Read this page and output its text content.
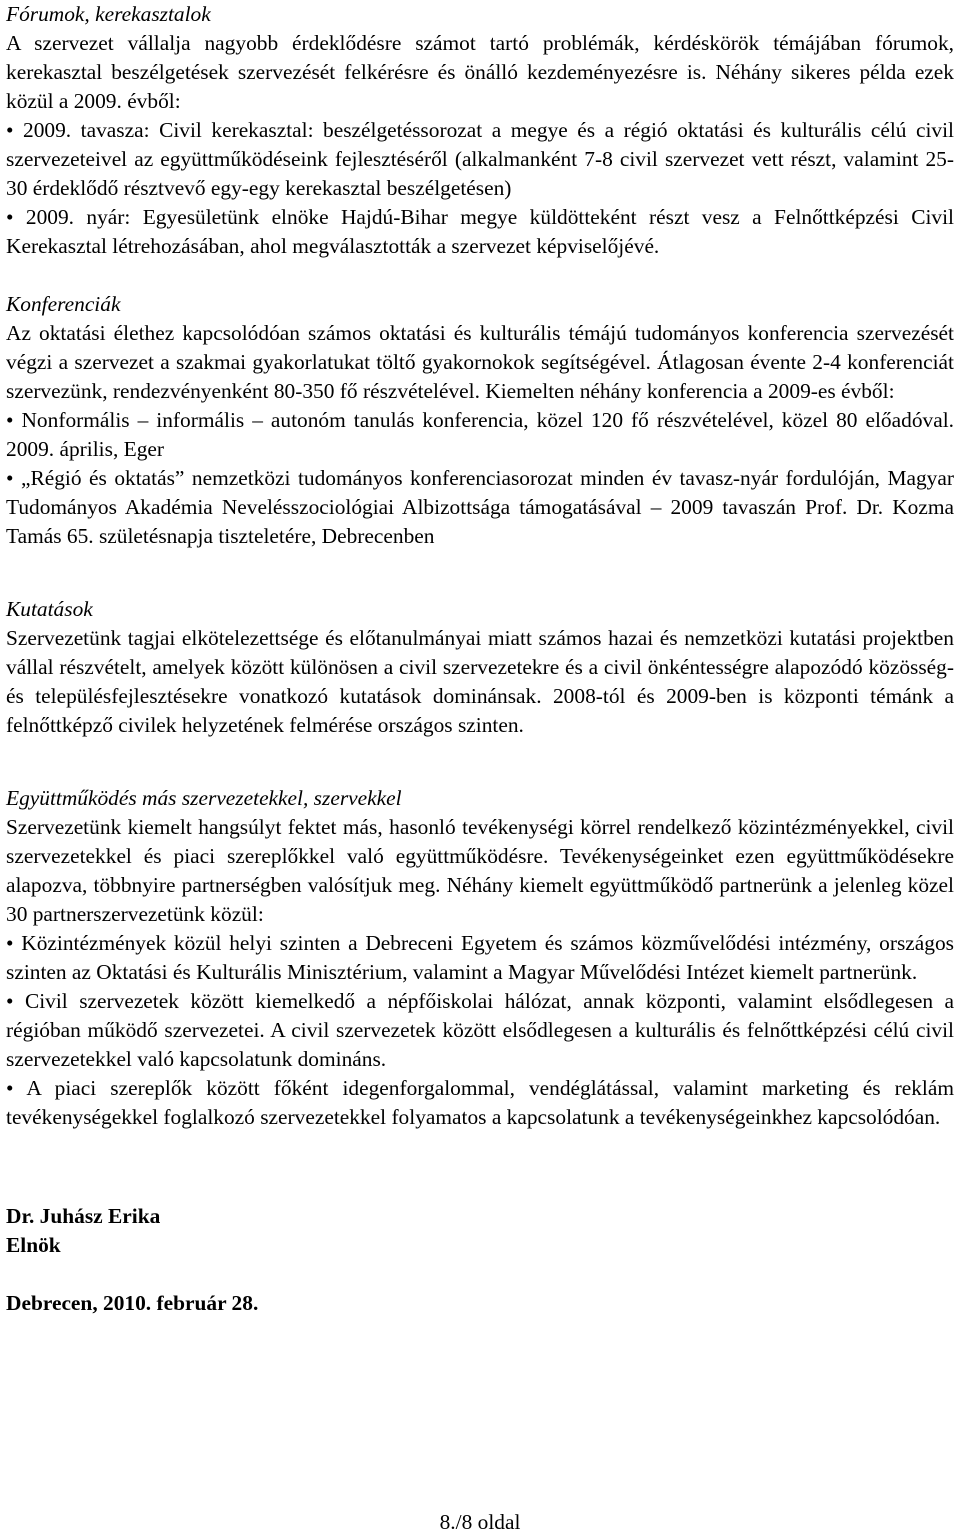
Fórumok, kerekasztalok

A szervezet vállalja nagyobb érdeklődésre számot tartó problémák, kérdéskörök témájában fórumok, kerekasztal beszélgetések szervezését felkérésre és önálló kezdeményezésre is. Néhány sikeres példa ezek közül a 2009. évből:

• 2009. tavasza: Civil kerekasztal: beszélgetéssorozat a megye és a régió oktatási és kulturális célú civil szervezeteivel az együttműködéseink fejlesztéséről (alkalmanként 7-8 civil szervezet vett részt, valamint 25-30 érdeklődő résztvevő egy-egy kerekasztal beszélgetésen)

• 2009. nyár: Egyesületünk elnöke Hajdú-Bihar megye küldötteként részt vesz a Felnőttképzési Civil Kerekasztal létrehozásában, ahol megválasztották a szervezet képviselőjévé.

Konferenciák

Az oktatási élethez kapcsolódóan számos oktatási és kulturális témájú tudományos konferencia szervezését végzi a szervezet a szakmai gyakorlatukat töltő gyakornokok segítségével. Átlagosan évente 2-4 konferenciát szervezünk, rendezvényenként 80-350 fő részvételével. Kiemelten néhány konferencia a 2009-es évből:

• Nonformális – informális – autonóm tanulás konferencia, közel 120 fő részvételével, közel 80 előadóval. 2009. április, Eger

• „Régió és oktatás” nemzetközi tudományos konferenciasorozat minden év tavasz-nyár fordulóján, Magyar Tudományos Akadémia Nevelésszociológiai Albizottsága támogatásával – 2009 tavaszán Prof. Dr. Kozma Tamás 65. születésnapja tiszteletére, Debrecenben

Kutatások

Szervezetünk tagjai elkötelezettsége és előtanulmányai miatt számos hazai és nemzetközi kutatási projektben vállal részvételt, amelyek között különösen a civil szervezetekre és a civil önkéntességre alapozódó közösség- és településfejlesztésekre vonatkozó kutatások dominánsak. 2008-tól és 2009-ben is központi témánk a felnőttképző civilek helyzetének felmérése országos szinten.

Együttműködés más szervezetekkel, szervekkel

Szervezetünk kiemelt hangsúlyt fektet más, hasonló tevékenységi körrel rendelkező közintézményekkel, civil szervezetekkel és piaci szereplőkkel való együttműködésre. Tevékenységeinket ezen együttműködésekre alapozva, többnyire partnerségben valósítjuk meg. Néhány kiemelt együttműködő partnerünk a jelenleg közel 30 partnerszervezetünk közül:

• Közintézmények közül helyi szinten a Debreceni Egyetem és számos közművelődési intézmény, országos szinten az Oktatási és Kulturális Minisztérium, valamint a Magyar Művelődési Intézet kiemelt partnerünk.

• Civil szervezetek között kiemelkedő a népfőiskolai hálózat, annak központi, valamint elsődlegesen a régióban működő szervezetei. A civil szervezetek között elsődlegesen a kulturális és felnőttképzési célú civil szervezetekkel való kapcsolatunk domináns.

• A piaci szereplők között főként idegenforgalommal, vendéglátással, valamint marketing és reklám tevékenységekkel foglalkozó szervezetekkel folyamatos a kapcsolatunk a tevékenységeinkhez kapcsolódóan.

Dr. Juhász Erika
Elnök
Debrecen, 2010. február 28.
8./8 oldal
